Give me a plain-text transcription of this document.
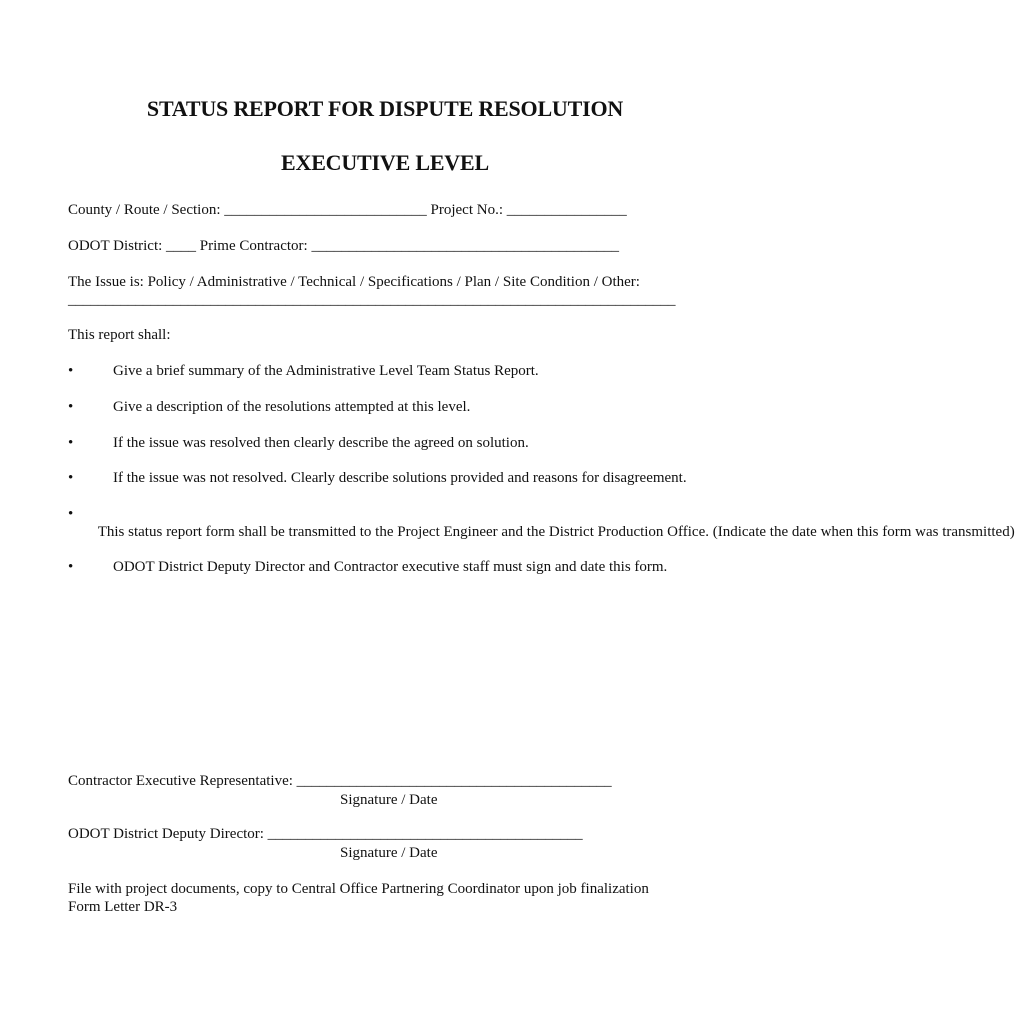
STATUS REPORT FOR DISPUTE RESOLUTION
EXECUTIVE LEVEL
County / Route / Section: ___________________________ Project No.: ________________
ODOT District: ____ Prime Contractor: _________________________________________
The Issue is: Policy / Administrative / Technical / Specifications / Plan / Site Condition / Other:
_________________________________________________________________________________
This report shall:
•	Give a brief summary of the Administrative Level Team Status Report.
•	Give a description of the resolutions attempted at this level.
•	If the issue was resolved then clearly describe the agreed on solution.
•	If the issue was not resolved. Clearly describe solutions provided and reasons for disagreement.
•        This status report form shall be transmitted to the Project Engineer and the District Production Office. (Indicate the date when this form was transmitted)
•	ODOT District Deputy Director and Contractor executive staff must sign and date this form.
Contractor Executive Representative: __________________________________________
Signature / Date
ODOT District Deputy Director: __________________________________________
Signature / Date
File with project documents, copy to Central Office Partnering Coordinator upon job finalization
Form Letter DR-3
